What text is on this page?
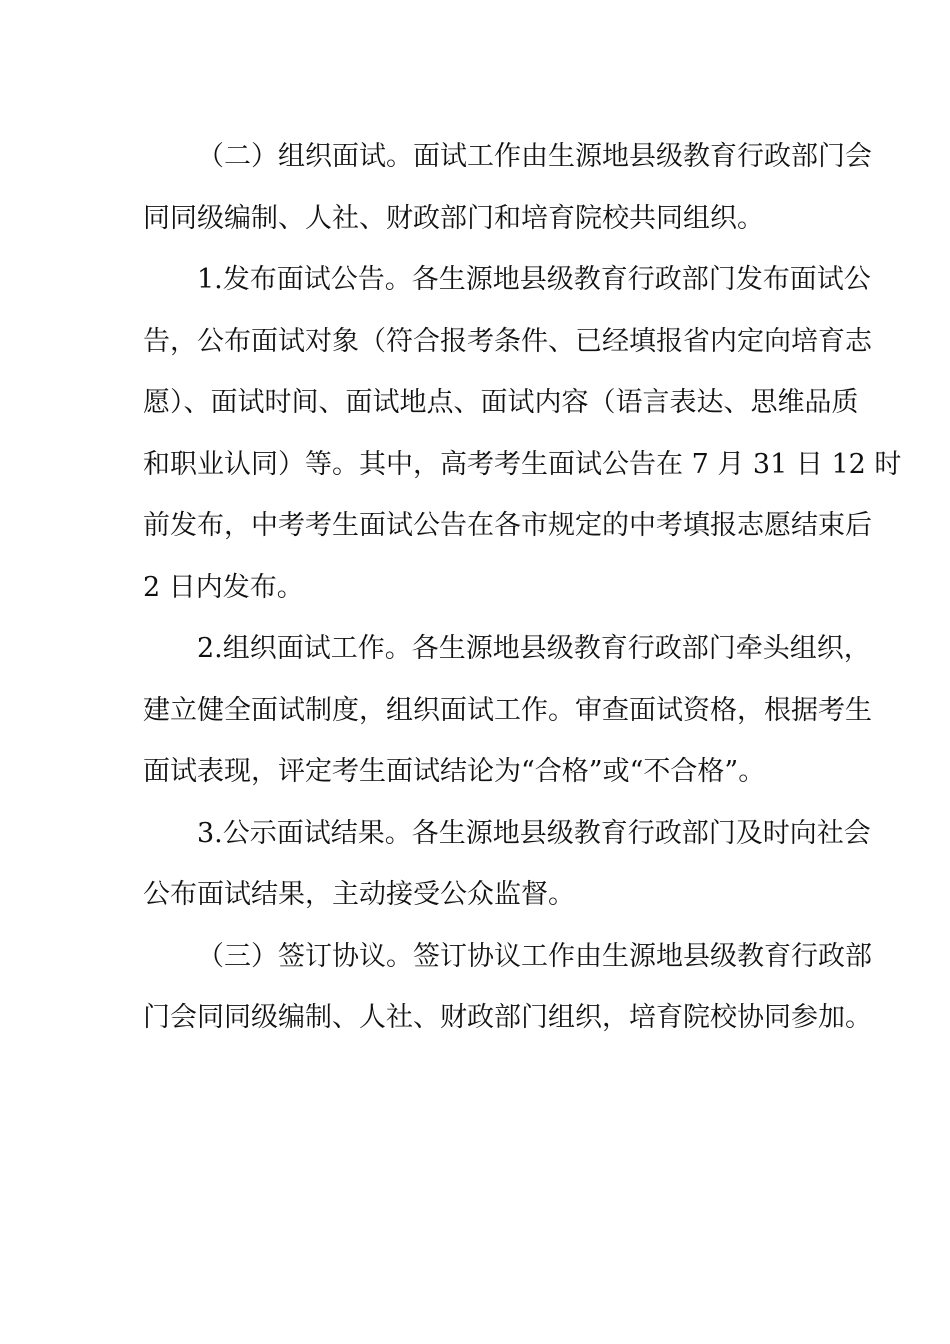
（二）组织面试。面试工作由生源地县级教育行政部门会
同同级编制、人社、财政部门和培育院校共同组织。
1.发布面试公告。各生源地县级教育行政部门发布面试公
告，公布面试对象（符合报考条件、已经填报省内定向培育志
愿）、面试时间、面试地点、面试内容（语言表达、思维品质
和职业认同）等。其中，高考考生面试公告在 7 月 31 日 12 时
前发布，中考考生面试公告在各市规定的中考填报志愿结束后
2 日内发布。
2.组织面试工作。各生源地县级教育行政部门牵头组织，
建立健全面试制度，组织面试工作。审查面试资格，根据考生
面试表现，评定考生面试结论为“合格”或“不合格”。
3.公示面试结果。各生源地县级教育行政部门及时向社会
公布面试结果，主动接受公众监督。
（三）签订协议。签订协议工作由生源地县级教育行政部
门会同同级编制、人社、财政部门组织，培育院校协同参加。
